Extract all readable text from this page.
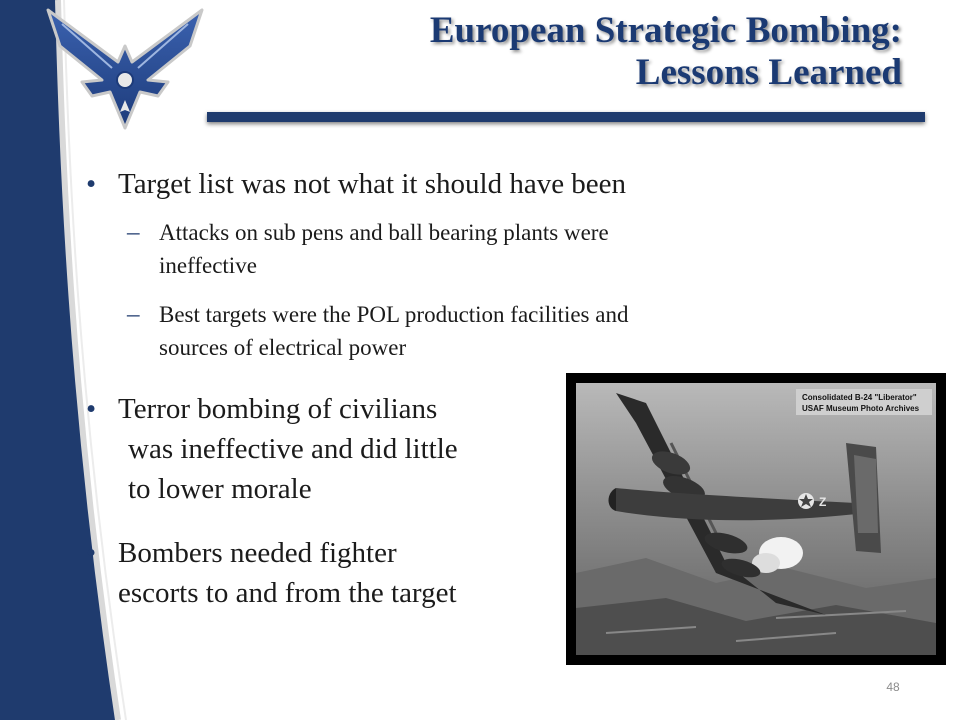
European Strategic Bombing:
Lessons Learned
• Target list was not what it should have been
– Attacks on sub pens and ball bearing plants were
ineffective
– Best targets were the POL production facilities and
sources of electrical power
• Terror bombing of civilians
was ineffective and did little
to lower morale
• Bombers needed fighter
escorts to and from the target
Consolidated B-24 "Liberator"
USAF Museum Photo Archives
Z
48
